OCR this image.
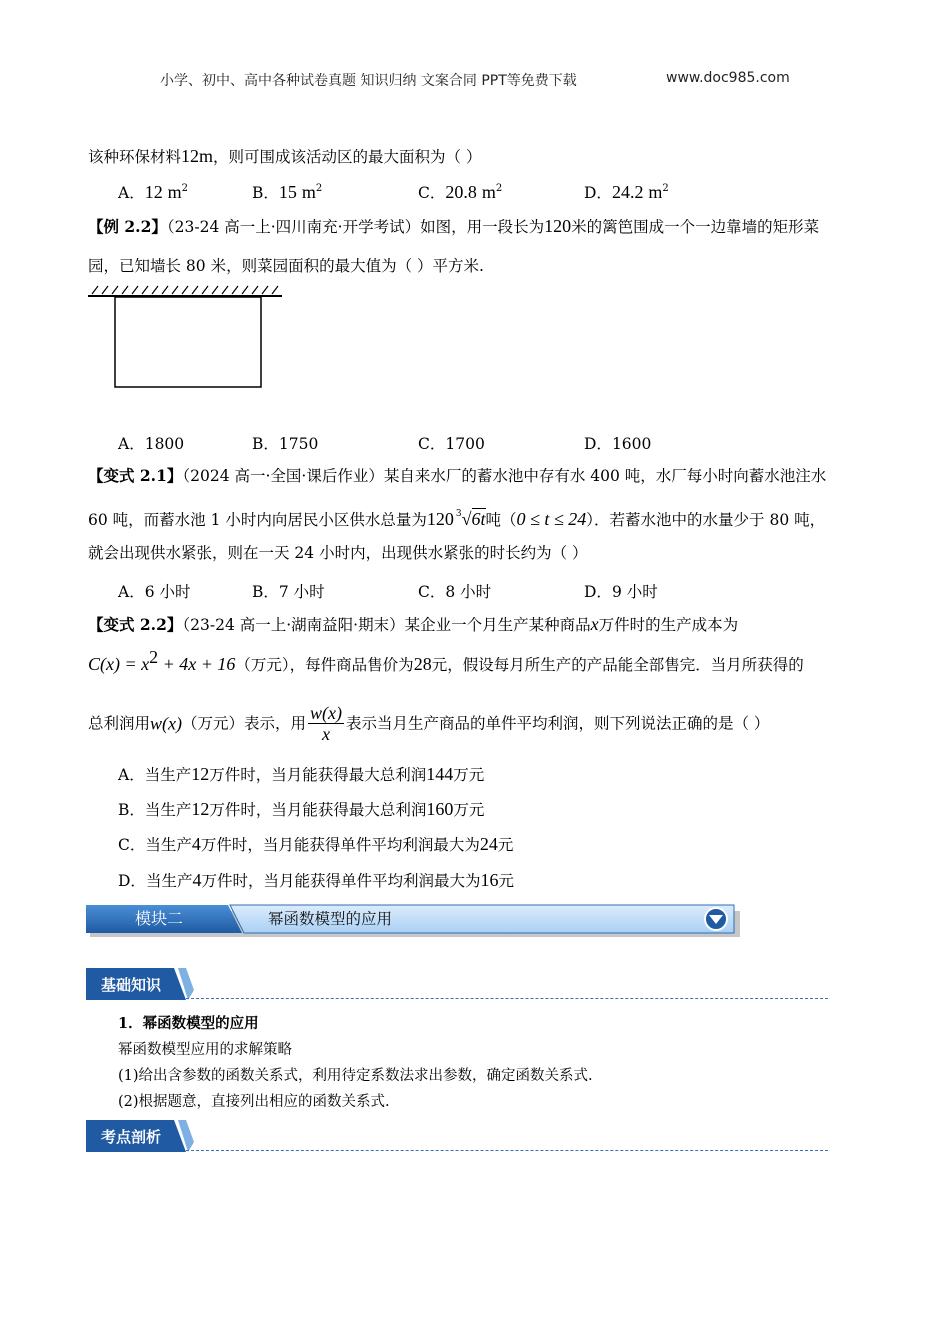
小学、初中、高中各种试卷真题 知识归纳 文案合同 PPT等免费下载	www.doc985.com
该种环保材料12m，则可围成该活动区的最大面积为（ ）
A．12 $m^2$	B．15 $m^2$	C．20.8 $m^2$	D．24.2 $m^2$
【例 2.2】（23-24 高一上·四川南充·开学考试）如图，用一段长为120米的篱笆围成一个一边靠墙的矩形菜
园，已知墙长 80 米，则菜园面积的最大值为（ ）平方米.
A．1800	B．1750	C．1700	D．1600
【变式 2.1】（2024 高一·全国·课后作业）某自来水厂的蓄水池中存有水 400 吨，水厂每小时向蓄水池注水
60 吨，而蓄水池 1 小时内向居民小区供水总量为120 $^3$√6t吨（0 ≤ t ≤ 24）．若蓄水池中的水量少于 80 吨，
就会出现供水紧张，则在一天 24 小时内，出现供水紧张的时长约为（ ）
A．6 小时	B．7 小时	C．8 小时	D．9 小时
【变式 2.2】（23-24 高一上·湖南益阳·期末）某企业一个月生产某种商品x万件时的生产成本为
$C(x) = x^2 + 4x + 16$（万元），每件商品售价为28元，假设每月所生产的产品能全部售完．当月所获得的
总利润用w(x)（万元）表示，用 $\frac{w(x)}{x}$ 表示当月生产商品的单件平均利润，则下列说法正确的是（ ）
A．当生产12万件时，当月能获得最大总利润144万元
B．当生产12万件时，当月能获得最大总利润160万元
C．当生产4万件时，当月能获得单件平均利润最大为24元
D．当生产4万件时，当月能获得单件平均利润最大为16元
模块二	幂函数模型的应用
基础知识
1．幂函数模型的应用
幂函数模型应用的求解策略
(1)给出含参数的函数关系式，利用待定系数法求出参数，确定函数关系式.
(2)根据题意，直接列出相应的函数关系式.
考点剖析
